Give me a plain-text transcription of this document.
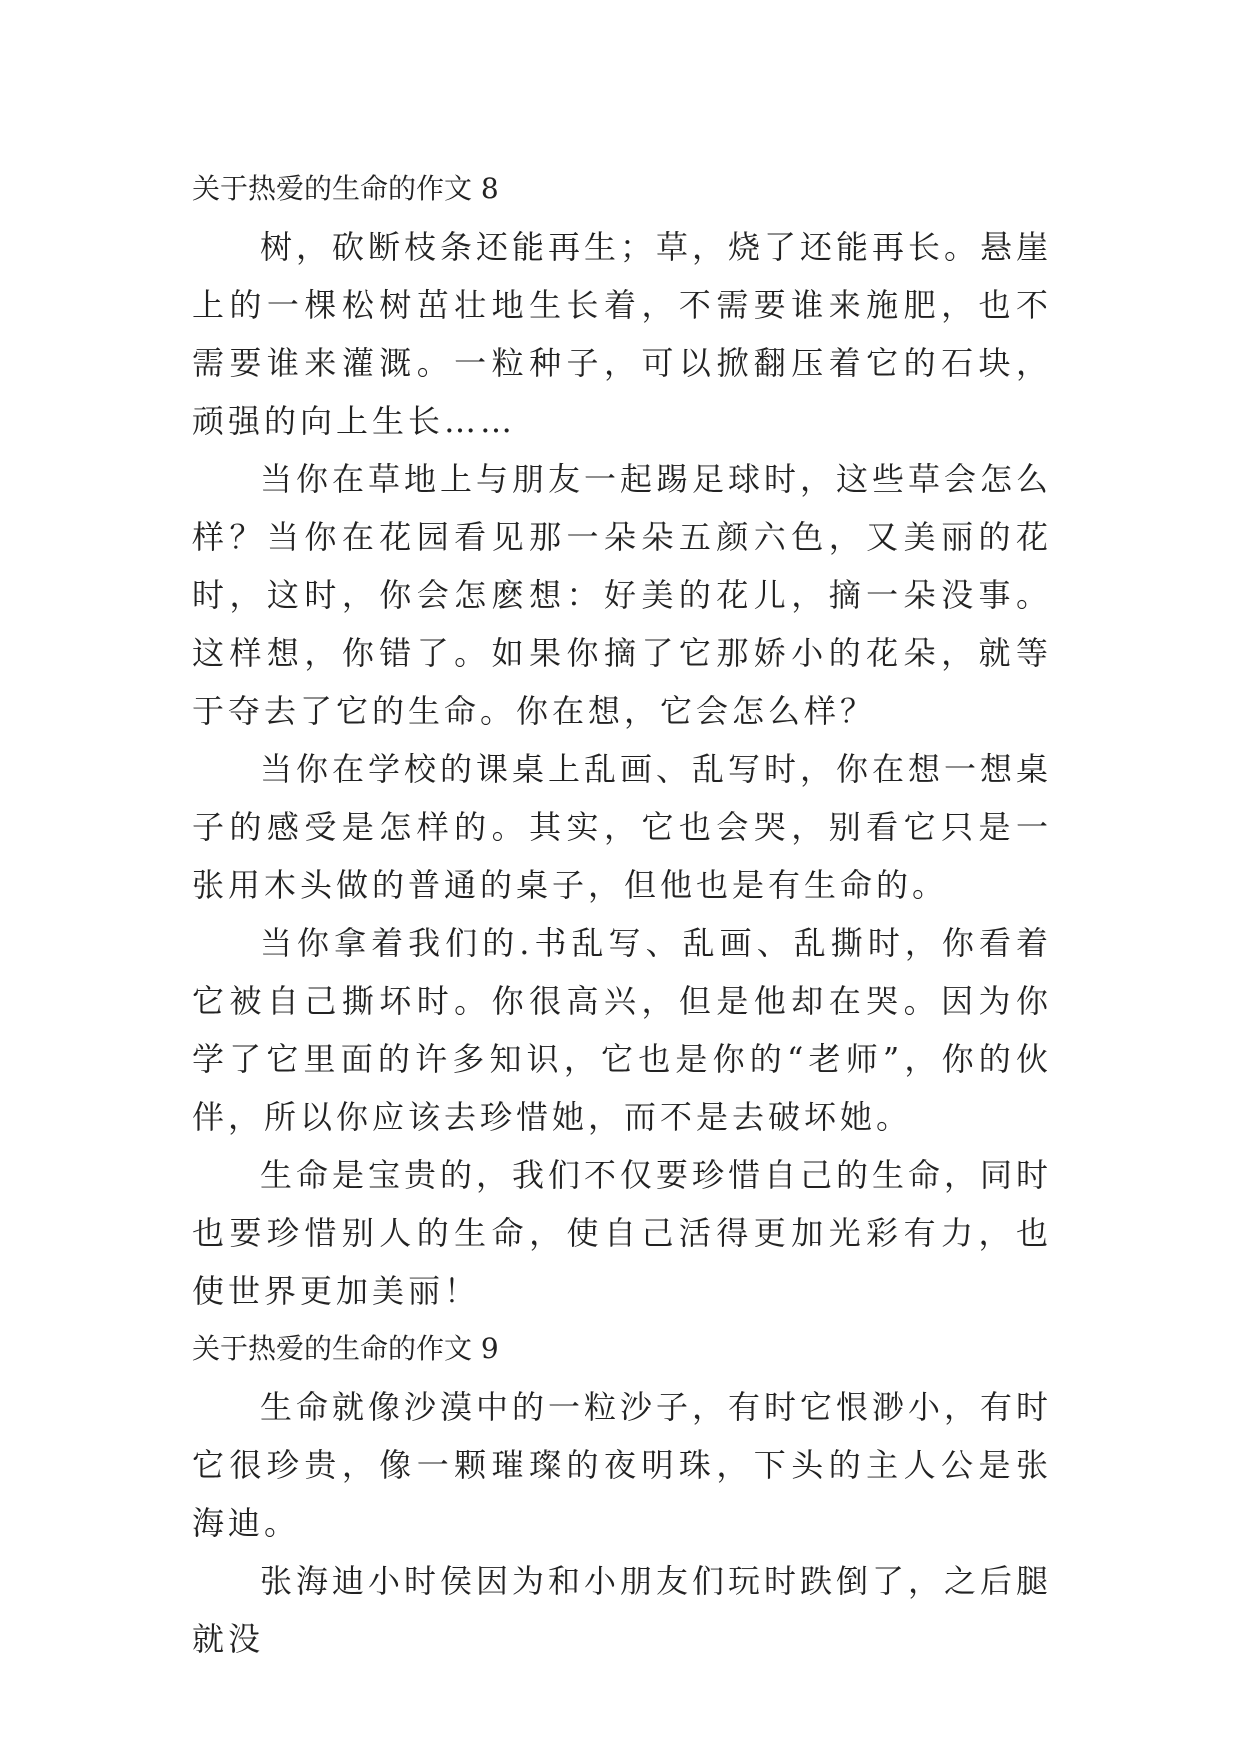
关于热爱的生命的作文 8

树，砍断枝条还能再生；草，烧了还能再长。悬崖上的一棵松树茁壮地生长着，不需要谁来施肥，也不需要谁来灌溉。一粒种子，可以掀翻压着它的石块，顽强的向上生长……

当你在草地上与朋友一起踢足球时，这些草会怎么样？当你在花园看见那一朵朵五颜六色，又美丽的花时，这时，你会怎麽想：好美的花儿，摘一朵没事。这样想，你错了。如果你摘了它那娇小的花朵，就等于夺去了它的生命。你在想，它会怎么样？

当你在学校的课桌上乱画、乱写时，你在想一想桌子的感受是怎样的。其实，它也会哭，别看它只是一张用木头做的普通的桌子，但他也是有生命的。

当你拿着我们的.书乱写、乱画、乱撕时，你看着它被自己撕坏时。你很高兴，但是他却在哭。因为你学了它里面的许多知识，它也是你的“老师”，你的伙伴，所以你应该去珍惜她，而不是去破坏她。

生命是宝贵的，我们不仅要珍惜自己的生命，同时也要珍惜别人的生命，使自己活得更加光彩有力，也使世界更加美丽！

关于热爱的生命的作文 9

生命就像沙漠中的一粒沙子，有时它恨渺小，有时它很珍贵，像一颗璀璨的夜明珠，下头的主人公是张海迪。

张海迪小时侯因为和小朋友们玩时跌倒了，之后腿就没
